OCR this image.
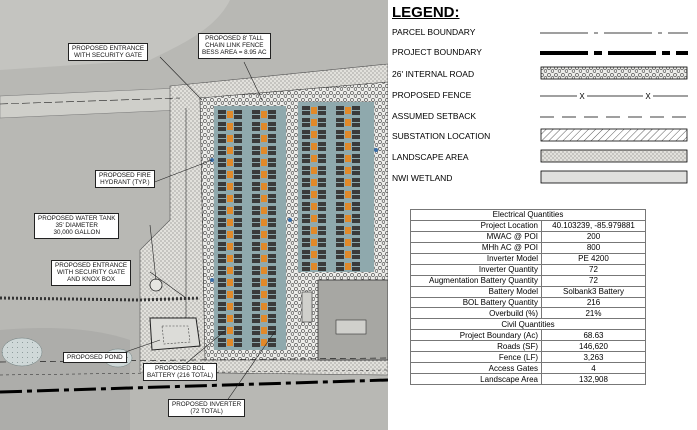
PROPOSED ENTRANCE
WITH SECURITY GATE
PROPOSED 8' TALL
CHAIN LINK FENCE
BESS AREA = 8.95 AC
PROPOSED FIRE
HYDRANT (TYP.)
PROPOSED WATER TANK
35' DIAMETER
30,000 GALLON
PROPOSED ENTRANCE
WITH SECURITY GATE
AND KNOX BOX
PROPOSED POND
PROPOSED BOL
BATTERY (216 TOTAL)
PROPOSED INVERTER
(72 TOTAL)
LEGEND:
PARCEL BOUNDARY
PROJECT BOUNDARY
26' INTERNAL ROAD
PROPOSED FENCE	X	X
ASSUMED SETBACK
SUBSTATION LOCATION
LANDSCAPE AREA
NWI WETLAND
Electrical Quantities	
Project Location	40.103239, -85.979881
MWAC @ POI	200
MHh AC @ POI	800
Inverter Model	PE 4200
Inverter Quantity	72
Augmentation Battery Quantity	72
Battery Model	Solbank3 Battery
BOL Battery Quantity	216
Overbuild (%)	21%
Civil Quantities	
Project Boundary (Ac)	68.63
Roads (SF)	146,620
Fence (LF)	3,263
Access Gates	4
Landscape Area	132,908
